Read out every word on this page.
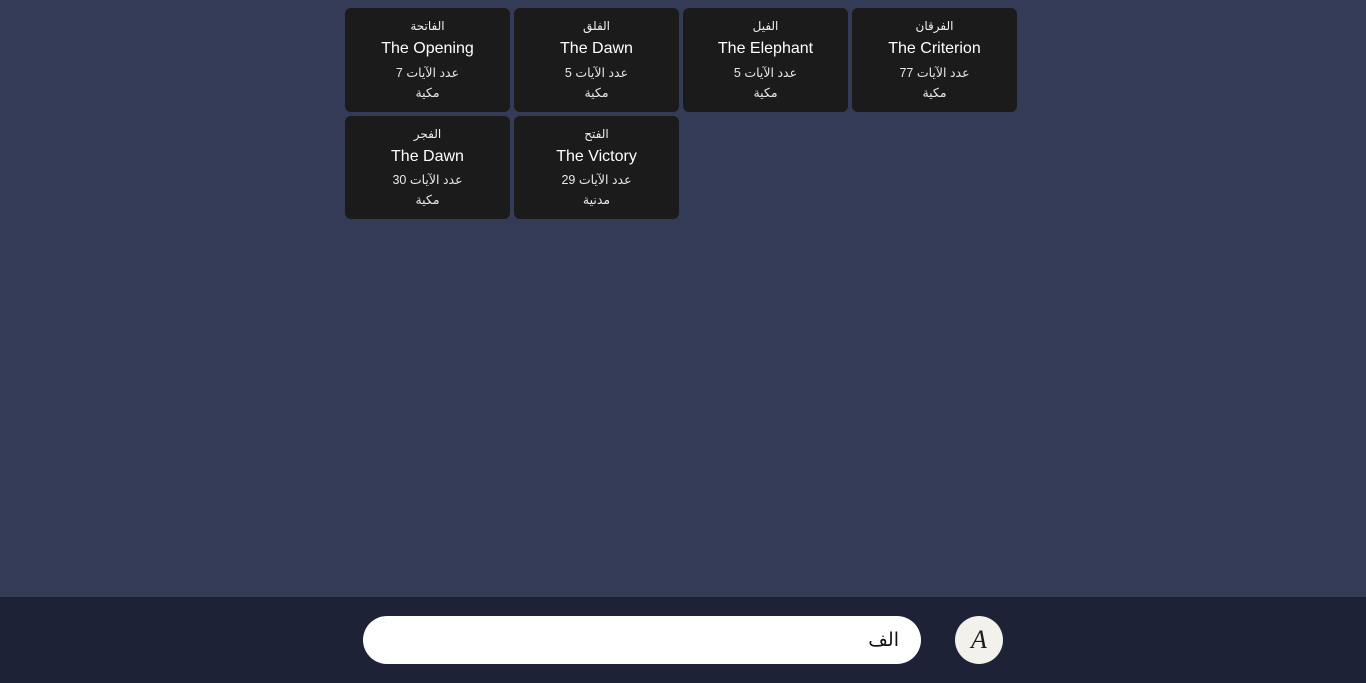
الفاتحة
The Opening
عدد الآيات 7
مكية
الفلق
The Dawn
عدد الآيات 5
مكية
الفيل
The Elephant
عدد الآيات 5
مكية
الفرقان
The Criterion
عدد الآيات 77
مكية
الفجر
The Dawn
عدد الآيات 30
مكية
الفتح
The Victory
عدد الآيات 29
مدنية
الف
A
